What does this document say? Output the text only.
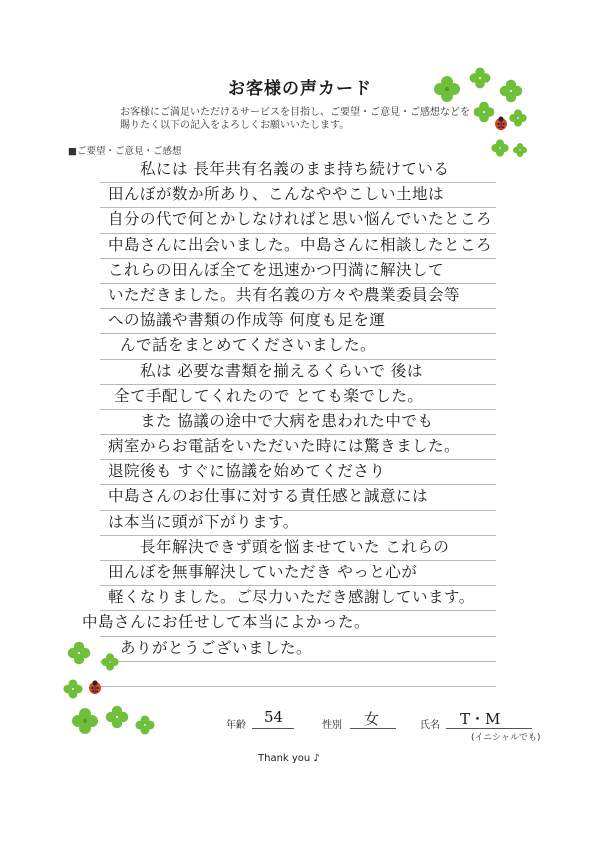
お客様の声カード
お客様にご満足いただけるサービスを目指し、ご要望・ご意見・ご感想などを
賜りたく以下の記入をよろしくお願いいたします。
■ご要望・ご意見・ご感想
私には 長年共有名義のまま持ち続けている
田んぼが数か所あり、こんなややこしい土地は
自分の代で何とかしなければと思い悩んでいたところ
中島さんに出会いました。中島さんに相談したところ
これらの田んぼ全てを迅速かつ円満に解決して
いただきました。共有名義の方々や農業委員会等
への協議や書類の作成等 何度も足を運
んで話をまとめてくださいました。
私は 必要な書類を揃えるくらいで 後は
全て手配してくれたので とても楽でした。
また 協議の途中で大病を患われた中でも
病室からお電話をいただいた時には驚きました。
退院後も すぐに協議を始めてくださり
中島さんのお仕事に対する責任感と誠意には
は本当に頭が下がります。
長年解決できず頭を悩ませていた これらの
田んぼを無事解決していただき やっと心が
軽くなりました。ご尽力いただき感謝しています。
中島さんにお任せして本当によかった。
ありがとうございました。
年齢 54	性別 女	氏名 T・M
(イニシャルでも)
Thank you ♪
